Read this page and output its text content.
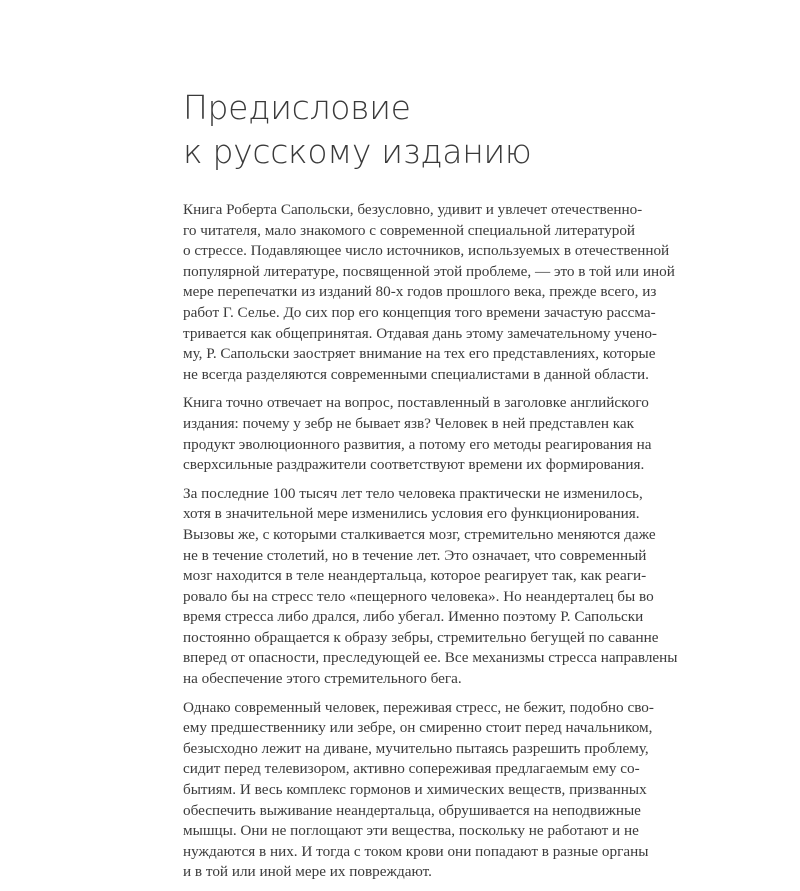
Предисловие
к русскому изданию

Книга Роберта Сапольски, безусловно, удивит и увлечет отечественно-
го читателя, мало знакомого с современной специальной литературой
о стрессе. Подавляющее число источников, используемых в отечественной
популярной литературе, посвященной этой проблеме, — это в той или иной
мере перепечатки из изданий 80-х годов прошлого века, прежде всего, из
работ Г. Селье. До сих пор его концепция того времени зачастую рассма-
тривается как общепринятая. Отдавая дань этому замечательному учено-
му, Р. Сапольски заостряет внимание на тех его представлениях, которые
не всегда разделяются современными специалистами в данной области.

Книга точно отвечает на вопрос, поставленный в заголовке английского
издания: почему у зебр не бывает язв? Человек в ней представлен как
продукт эволюционного развития, а потому его методы реагирования на
сверхсильные раздражители соответствуют времени их формирования.

За последние 100 тысяч лет тело человека практически не изменилось,
хотя в значительной мере изменились условия его функционирования.
Вызовы же, с которыми сталкивается мозг, стремительно меняются даже
не в течение столетий, но в течение лет. Это означает, что современный
мозг находится в теле неандертальца, которое реагирует так, как реаги-
ровало бы на стресс тело «пещерного человека». Но неандерталец бы во
время стресса либо дрался, либо убегал. Именно поэтому Р. Сапольски
постоянно обращается к образу зебры, стремительно бегущей по саванне
вперед от опасности, преследующей ее. Все механизмы стресса направлены
на обеспечение этого стремительного бега.

Однако современный человек, переживая стресс, не бежит, подобно сво-
ему предшественнику или зебре, он смиренно стоит перед начальником,
безысходно лежит на диване, мучительно пытаясь разрешить проблему,
сидит перед телевизором, активно сопереживая предлагаемым ему со-
бытиям. И весь комплекс гормонов и химических веществ, призванных
обеспечить выживание неандертальца, обрушивается на неподвижные
мышцы. Они не поглощают эти вещества, поскольку не работают и не
нуждаются в них. И тогда с током крови они попадают в разные органы
и в той или иной мере их повреждают.
